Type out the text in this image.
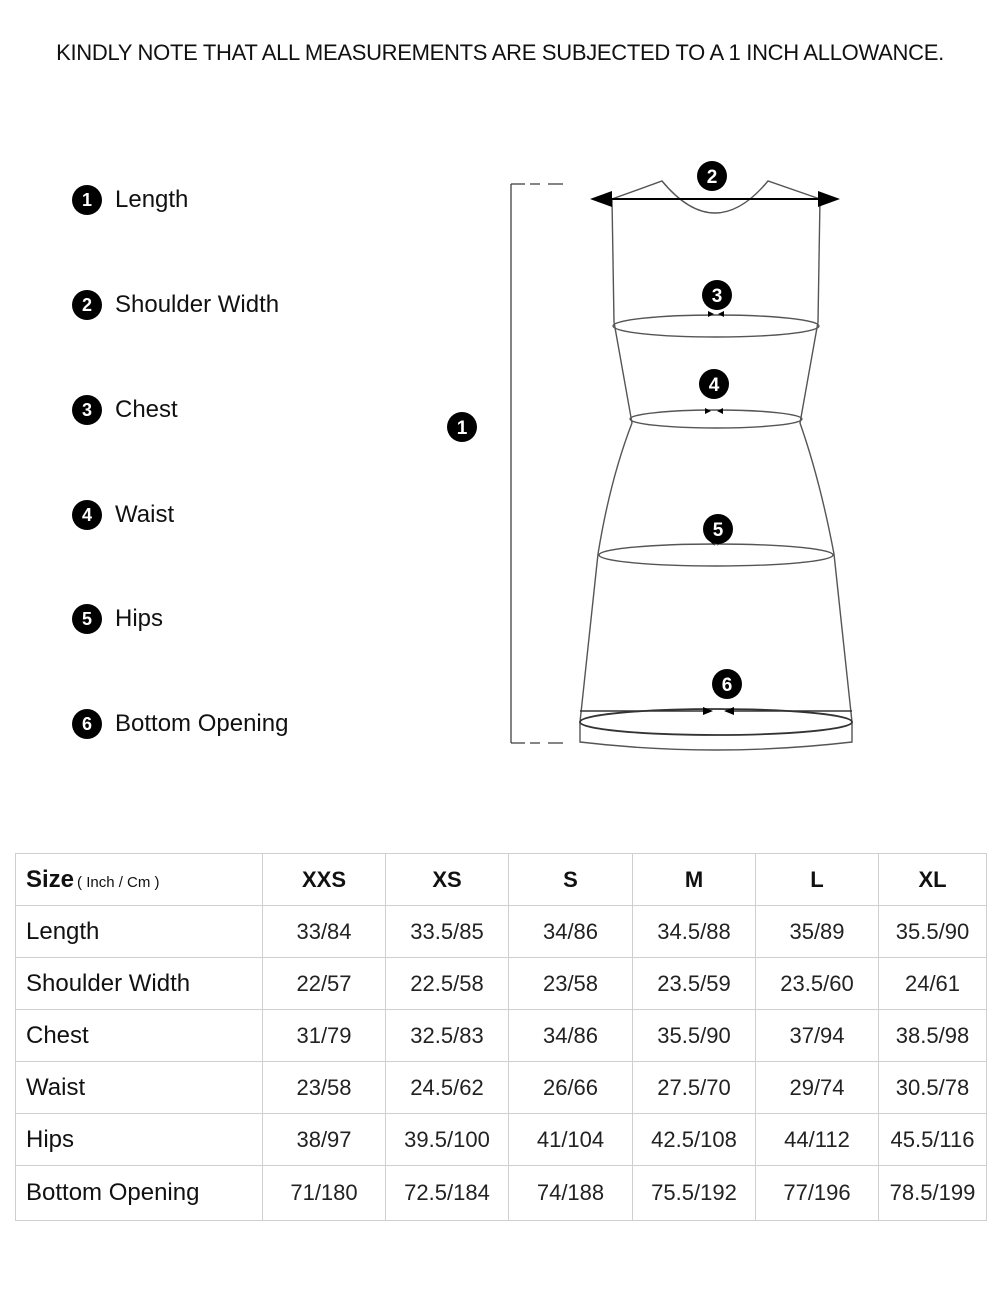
KINDLY NOTE THAT ALL MEASUREMENTS ARE SUBJECTED TO A 1 INCH ALLOWANCE.
1 Length
2 Shoulder Width
3 Chest
4 Waist
5 Hips
6 Bottom Opening
1
2
3
4
5
6
Size ( Inch / Cm )	XXS	XS	S	M	L	XL
Length	33/84	33.5/85	34/86	34.5/88	35/89	35.5/90
Shoulder Width	22/57	22.5/58	23/58	23.5/59	23.5/60	24/61
Chest	31/79	32.5/83	34/86	35.5/90	37/94	38.5/98
Waist	23/58	24.5/62	26/66	27.5/70	29/74	30.5/78
Hips	38/97	39.5/100	41/104	42.5/108	44/112	45.5/116
Bottom Opening	71/180	72.5/184	74/188	75.5/192	77/196	78.5/199
